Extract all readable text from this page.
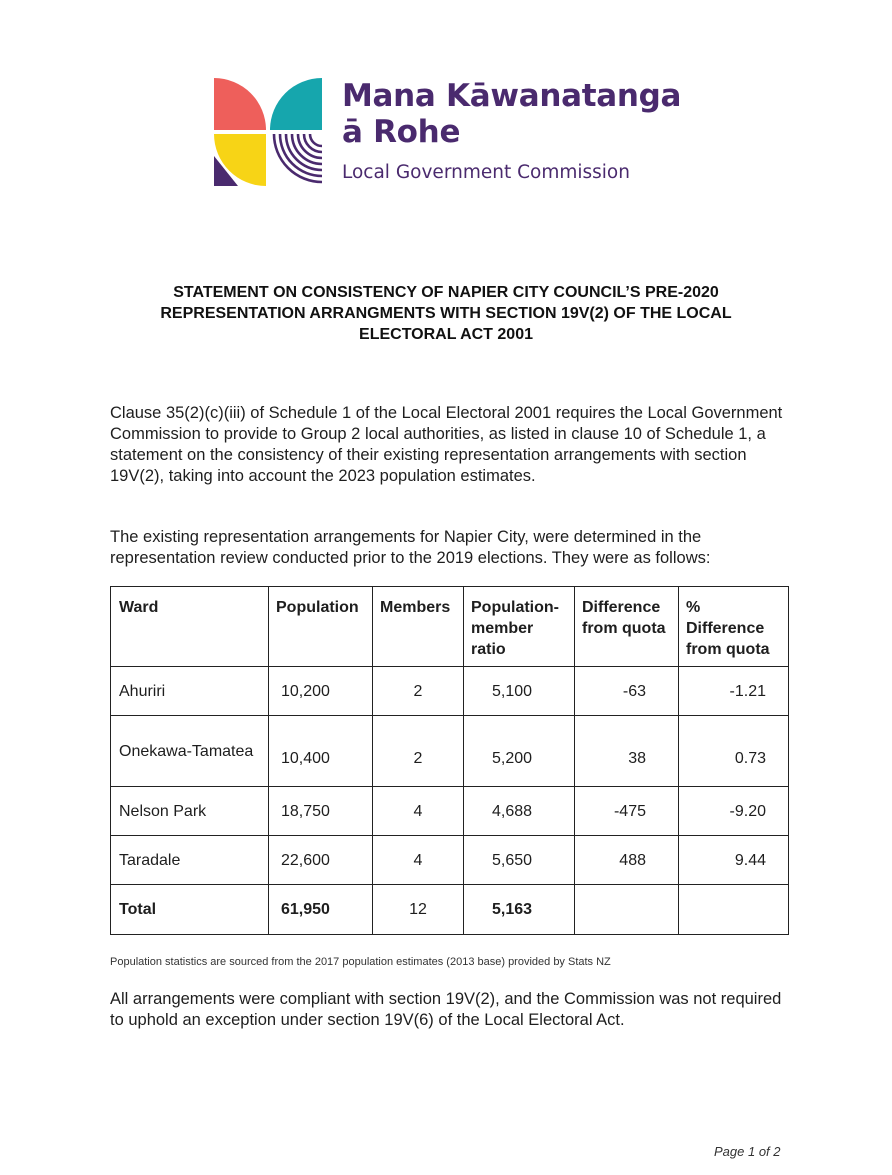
Mana Kāwanatanga
ā Rohe
Local Government Commission
STATEMENT ON CONSISTENCY OF NAPIER CITY COUNCIL’S PRE-2020
REPRESENTATION ARRANGMENTS WITH SECTION 19V(2) OF THE LOCAL
ELECTORAL ACT 2001
Clause 35(2)(c)(iii) of Schedule 1 of the Local Electoral 2001 requires the Local Government Commission to provide to Group 2 local authorities, as listed in clause 10 of Schedule 1, a statement on the consistency of their existing representation arrangements with section 19V(2), taking into account the 2023 population estimates.
The existing representation arrangements for Napier City, were determined in the representation review conducted prior to the 2019 elections. They were as follows:
Ward	Population	Members	Population-member ratio	Difference from quota	% Difference from quota
Ahuriri	10,200	2	5,100	-63	-1.21
Onekawa-Tamatea	10,400	2	5,200	38	0.73
Nelson Park	18,750	4	4,688	-475	-9.20
Taradale	22,600	4	5,650	488	9.44
Total	61,950	12	5,163		
Population statistics are sourced from the 2017 population estimates (2013 base) provided by Stats NZ
All arrangements were compliant with section 19V(2), and the Commission was not required to uphold an exception under section 19V(6) of the Local Electoral Act.
Page 1 of 2
